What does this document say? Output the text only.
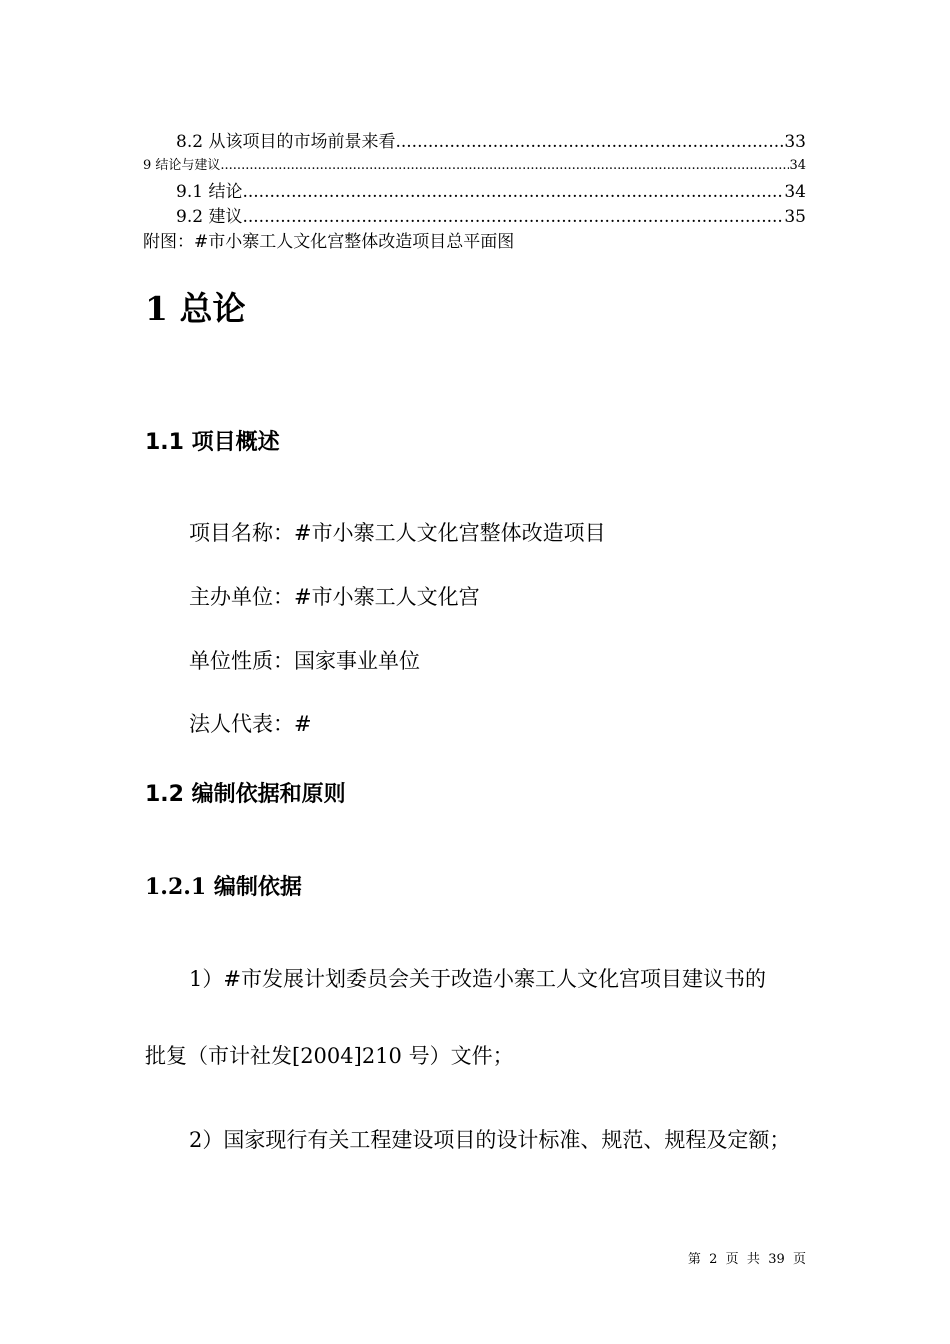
8.2 从该项目的市场前景来看 .....	33
9 结论与建议 .....	34
9.1 结论 .....	34
9.2 建议 .....	35
附图：#市小寨工人文化宫整体改造项目总平面图
1 总论
1.1 项目概述
项目名称：#市小寨工人文化宫整体改造项目
主办单位：#市小寨工人文化宫
单位性质：国家事业单位
法人代表：#
1.2 编制依据和原则
1.2.1 编制依据
1）#市发展计划委员会关于改造小寨工人文化宫项目建议书的
批复（市计社发[2004]210 号）文件；
2）国家现行有关工程建设项目的设计标准、规范、规程及定额；
第  2  页  共  39  页
